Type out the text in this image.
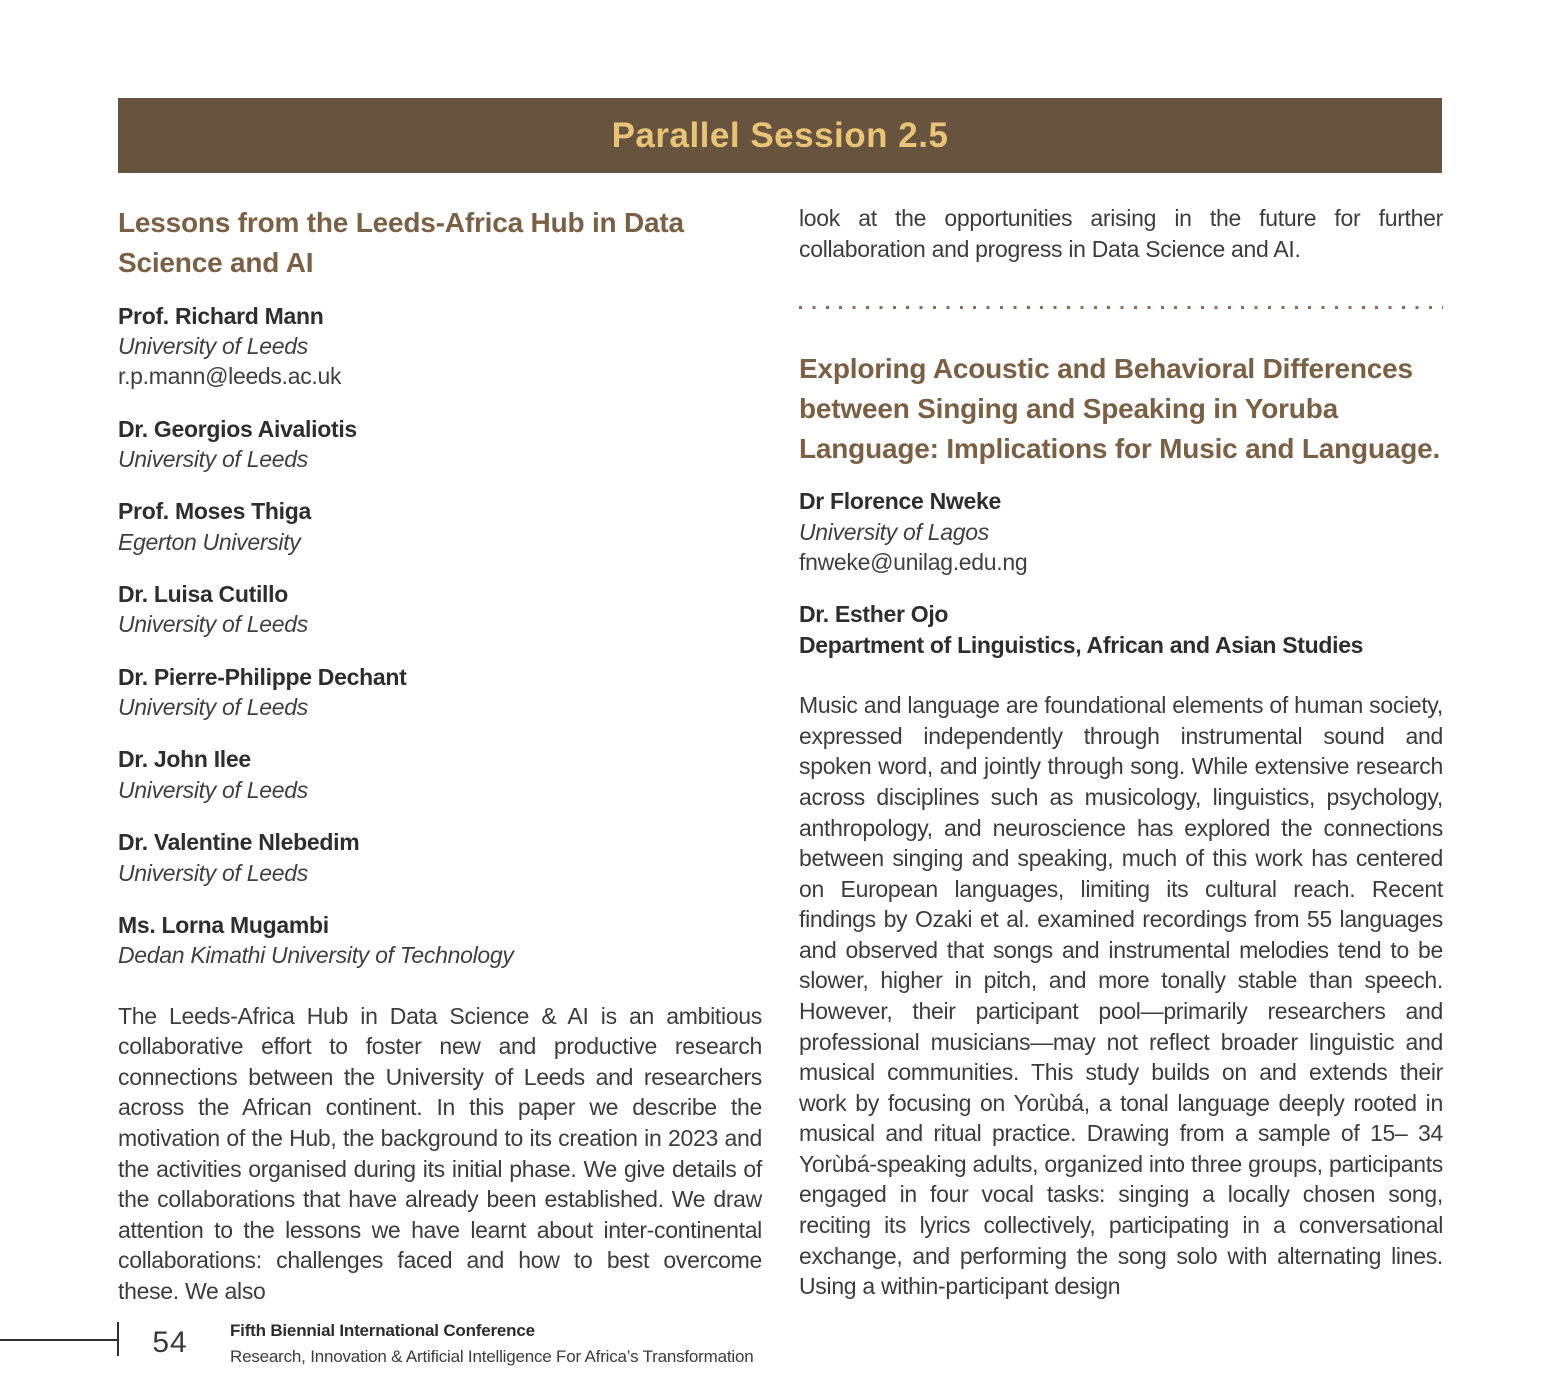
Parallel Session 2.5
Lessons from the Leeds-Africa Hub in Data Science and AI
Prof. Richard Mann
University of Leeds
r.p.mann@leeds.ac.uk
Dr. Georgios Aivaliotis
University of Leeds
Prof. Moses Thiga
Egerton University
Dr. Luisa Cutillo
University of Leeds
Dr. Pierre-Philippe Dechant
University of Leeds
Dr. John Ilee
University of Leeds
Dr. Valentine Nlebedim
University of Leeds
Ms. Lorna Mugambi
Dedan Kimathi University of Technology

The Leeds-Africa Hub in Data Science & AI is an ambitious collaborative effort to foster new and productive research connections between the University of Leeds and researchers across the African continent. In this paper we describe the motivation of the Hub, the background to its creation in 2023 and the activities organised during its initial phase. We give details of the collaborations that have already been established. We draw attention to the lessons we have learnt about inter-continental collaborations: challenges faced and how to best overcome these. We also

look at the opportunities arising in the future for further collaboration and progress in Data Science and AI.

Exploring Acoustic and Behavioral Differences between Singing and Speaking in Yoruba Language: Implications for Music and Language.
Dr Florence Nweke
University of Lagos
fnweke@unilag.edu.ng
Dr. Esther Ojo
Department of Linguistics, African and Asian Studies

Music and language are foundational elements of human society, expressed independently through instrumental sound and spoken word, and jointly through song. While extensive research across disciplines such as musicology, linguistics, psychology, anthropology, and neuroscience has explored the connections between singing and speaking, much of this work has centered on European languages, limiting its cultural reach. Recent findings by Ozaki et al. examined recordings from 55 languages and observed that songs and instrumental melodies tend to be slower, higher in pitch, and more tonally stable than speech. However, their participant pool—primarily researchers and professional musicians—may not reflect broader linguistic and musical communities. This study builds on and extends their work by focusing on Yorùbá, a tonal language deeply rooted in musical and ritual practice. Drawing from a sample of 15– 34 Yorùbá-speaking adults, organized into three groups, participants engaged in four vocal tasks: singing a locally chosen song, reciting its lyrics collectively, participating in a conversational exchange, and performing the song solo with alternating lines. Using a within-participant design

54	Fifth Biennial International Conference
Research, Innovation & Artificial Intelligence For Africa’s Transformation
